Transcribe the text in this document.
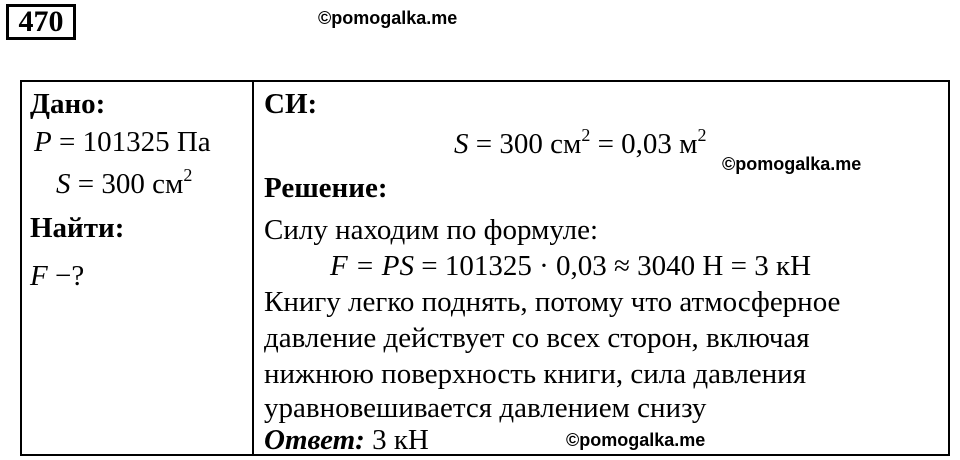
470	©pomogalka.me
Дано:
P = 101325 Па
S = 300 $см^2$
Найти:
F −?
СИ:
S = 300 $см^2 = 0,03$ $м^2$
©pomogalka.me
Решение:
Силу находим по формуле:
F = PS = 101325 · 0,03 ≈ 3040 Н = 3 кН
Книгу легко поднять, потому что атмосферное
давление действует со всех сторон, включая
нижнюю поверхность книги, сила давления
уравновешивается давлением снизу
Ответ: 3 кН	©pomogalka.me
